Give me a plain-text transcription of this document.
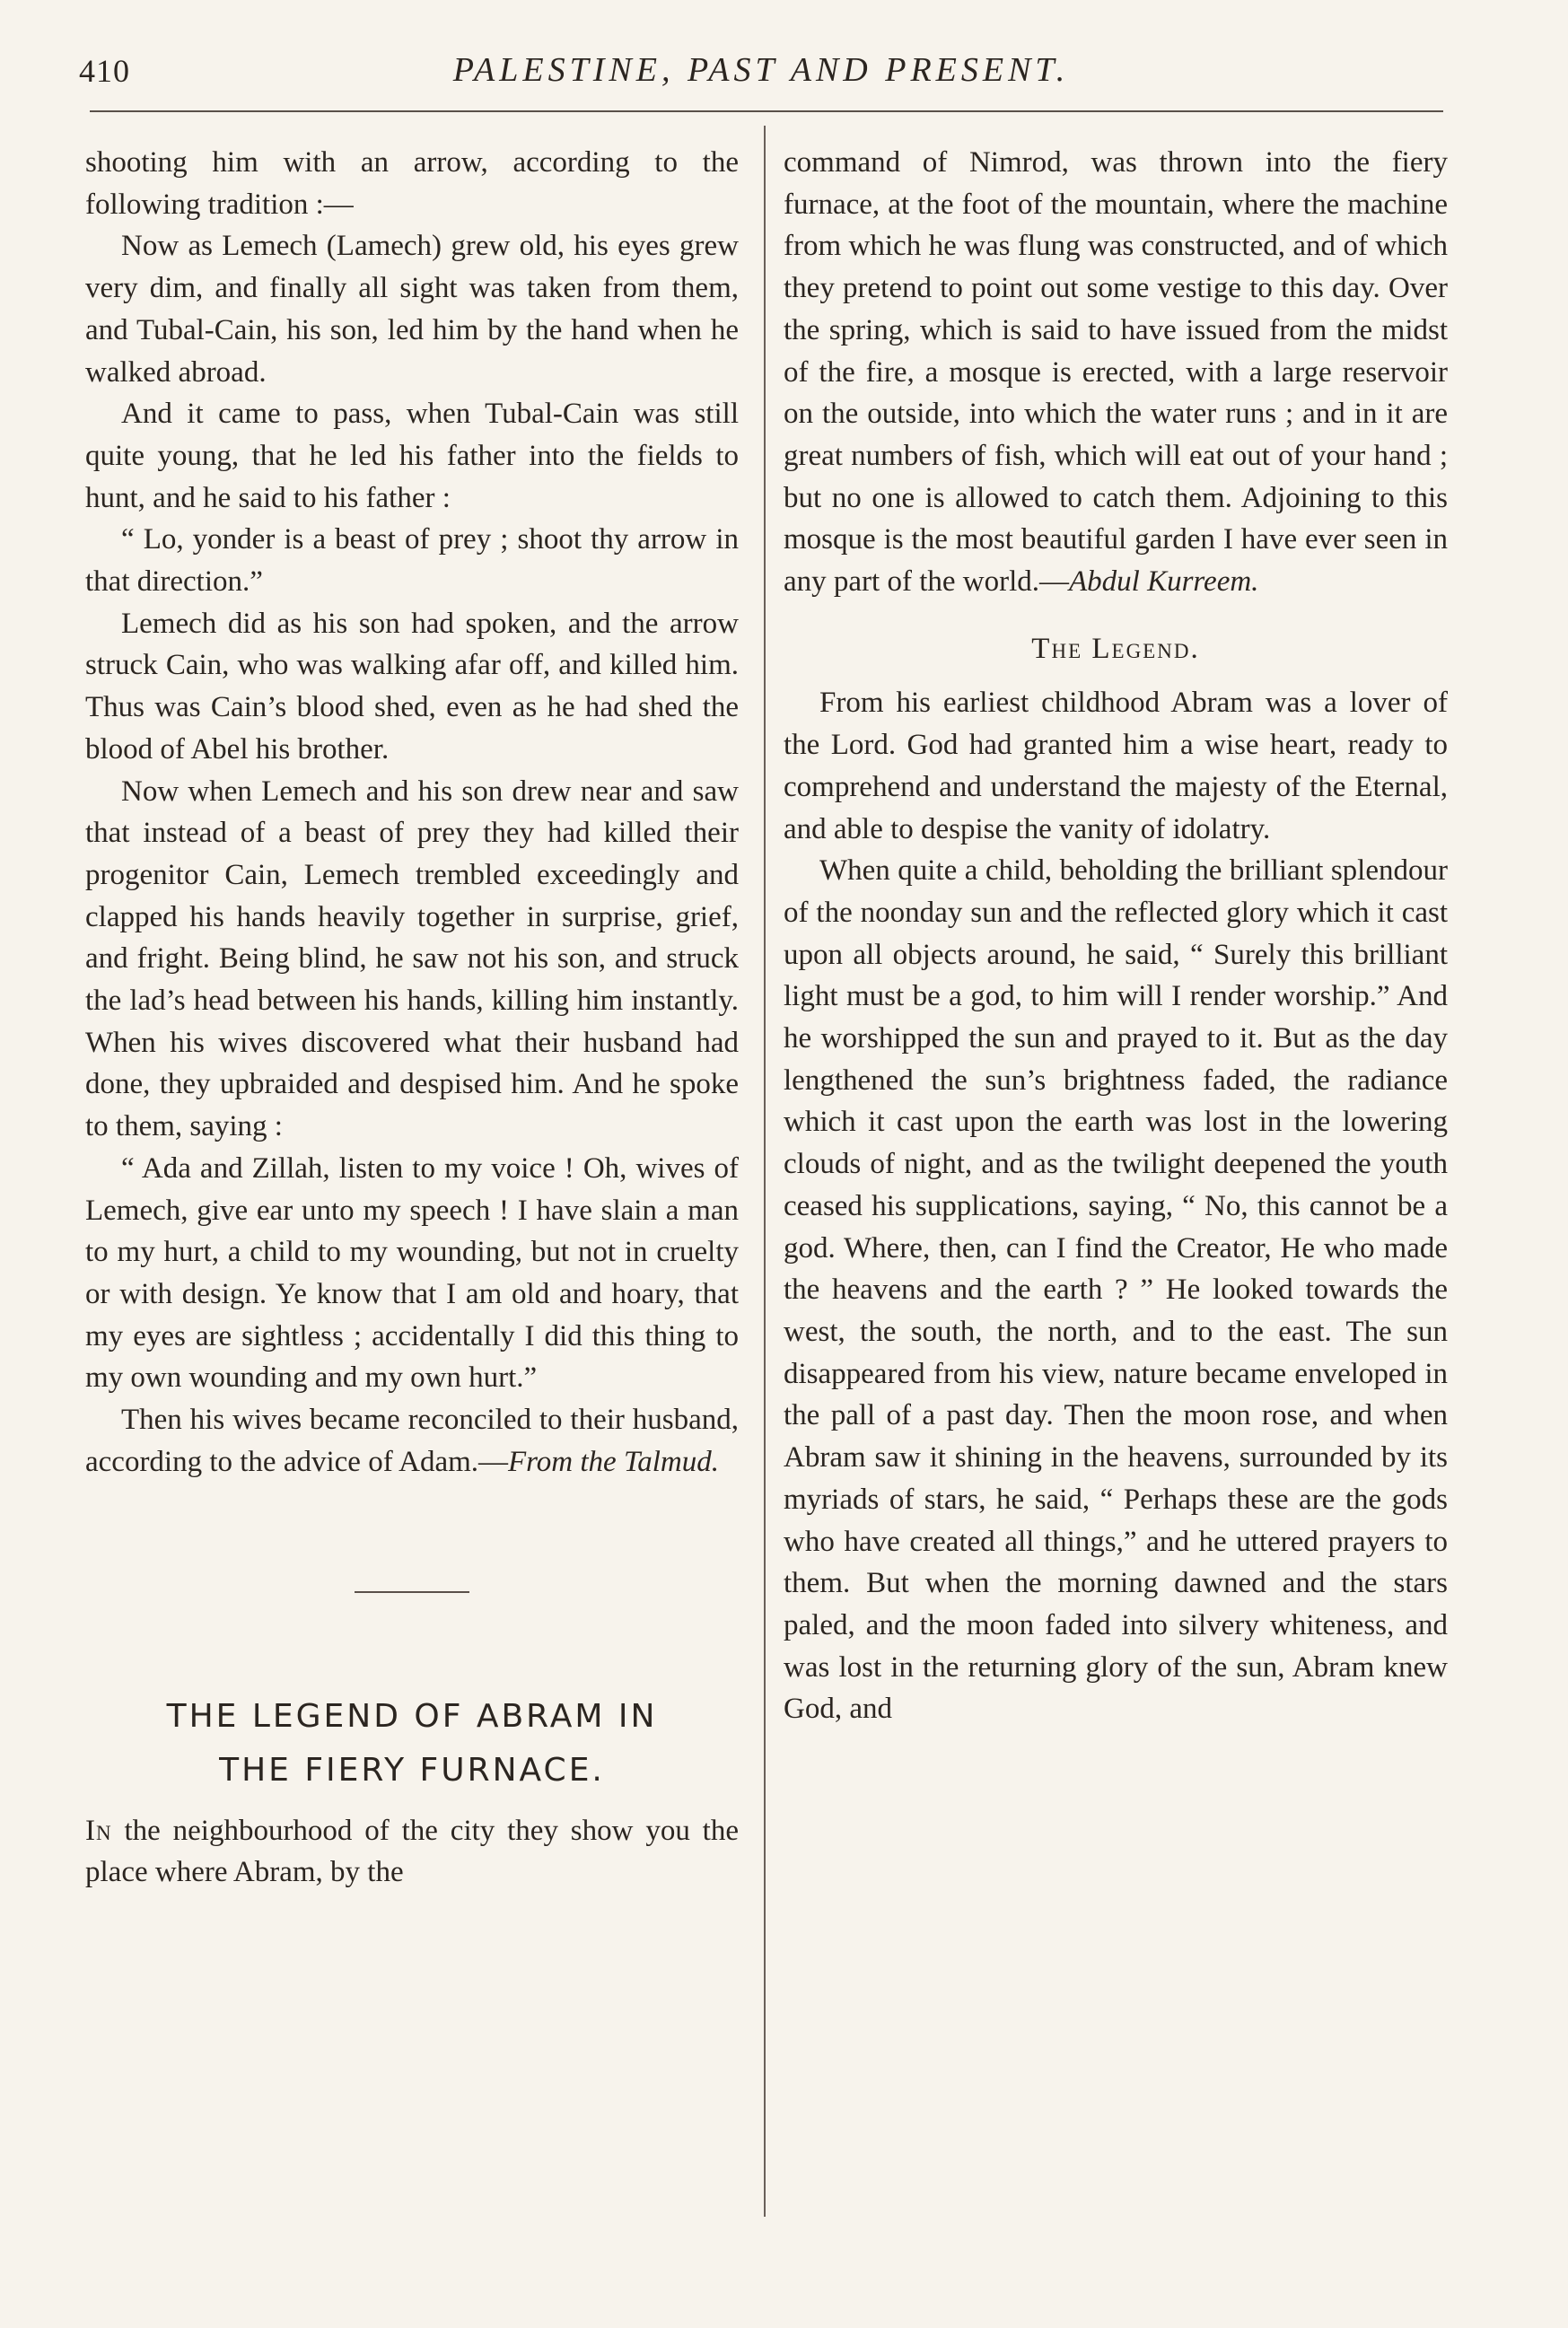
410	PALESTINE, PAST AND PRESENT.

shooting him with an arrow, according to the following tradition :—

Now as Lemech (Lamech) grew old, his eyes grew very dim, and finally all sight was taken from them, and Tubal-Cain, his son, led him by the hand when he walked abroad.

And it came to pass, when Tubal-Cain was still quite young, that he led his father into the fields to hunt, and he said to his father :

“ Lo, yonder is a beast of prey ; shoot thy arrow in that direction.”

Lemech did as his son had spoken, and the arrow struck Cain, who was walking afar off, and killed him. Thus was Cain’s blood shed, even as he had shed the blood of Abel his brother.

Now when Lemech and his son drew near and saw that instead of a beast of prey they had killed their progenitor Cain, Lemech trembled exceedingly and clapped his hands heavily together in surprise, grief, and fright. Being blind, he saw not his son, and struck the lad’s head between his hands, killing him instantly. When his wives discovered what their husband had done, they upbraided and despised him. And he spoke to them, saying :

“ Ada and Zillah, listen to my voice ! Oh, wives of Lemech, give ear unto my speech ! I have slain a man to my hurt, a child to my wounding, but not in cruelty or with design. Ye know that I am old and hoary, that my eyes are sightless ; accidentally I did this thing to my own wounding and my own hurt.”

Then his wives became reconciled to their husband, according to the advice of Adam.—From the Talmud.

THE LEGEND OF ABRAM IN
THE FIERY FURNACE.

In the neighbourhood of the city they show you the place where Abram, by the

command of Nimrod, was thrown into the fiery furnace, at the foot of the mountain, where the machine from which he was flung was constructed, and of which they pretend to point out some vestige to this day. Over the spring, which is said to have issued from the midst of the fire, a mosque is erected, with a large reservoir on the outside, into which the water runs ; and in it are great numbers of fish, which will eat out of your hand ; but no one is allowed to catch them. Adjoining to this mosque is the most beautiful garden I have ever seen in any part of the world.—Abdul Kurreem.

The Legend.

From his earliest childhood Abram was a lover of the Lord. God had granted him a wise heart, ready to comprehend and understand the majesty of the Eternal, and able to despise the vanity of idolatry.

When quite a child, beholding the brilliant splendour of the noonday sun and the reflected glory which it cast upon all objects around, he said, “ Surely this brilliant light must be a god, to him will I render worship.” And he worshipped the sun and prayed to it. But as the day lengthened the sun’s brightness faded, the radiance which it cast upon the earth was lost in the lowering clouds of night, and as the twilight deepened the youth ceased his supplications, saying, “ No, this cannot be a god. Where, then, can I find the Creator, He who made the heavens and the earth ? ” He looked towards the west, the south, the north, and to the east. The sun disappeared from his view, nature became enveloped in the pall of a past day. Then the moon rose, and when Abram saw it shining in the heavens, surrounded by its myriads of stars, he said, “ Perhaps these are the gods who have created all things,” and he uttered prayers to them. But when the morning dawned and the stars paled, and the moon faded into silvery whiteness, and was lost in the returning glory of the sun, Abram knew God, and
